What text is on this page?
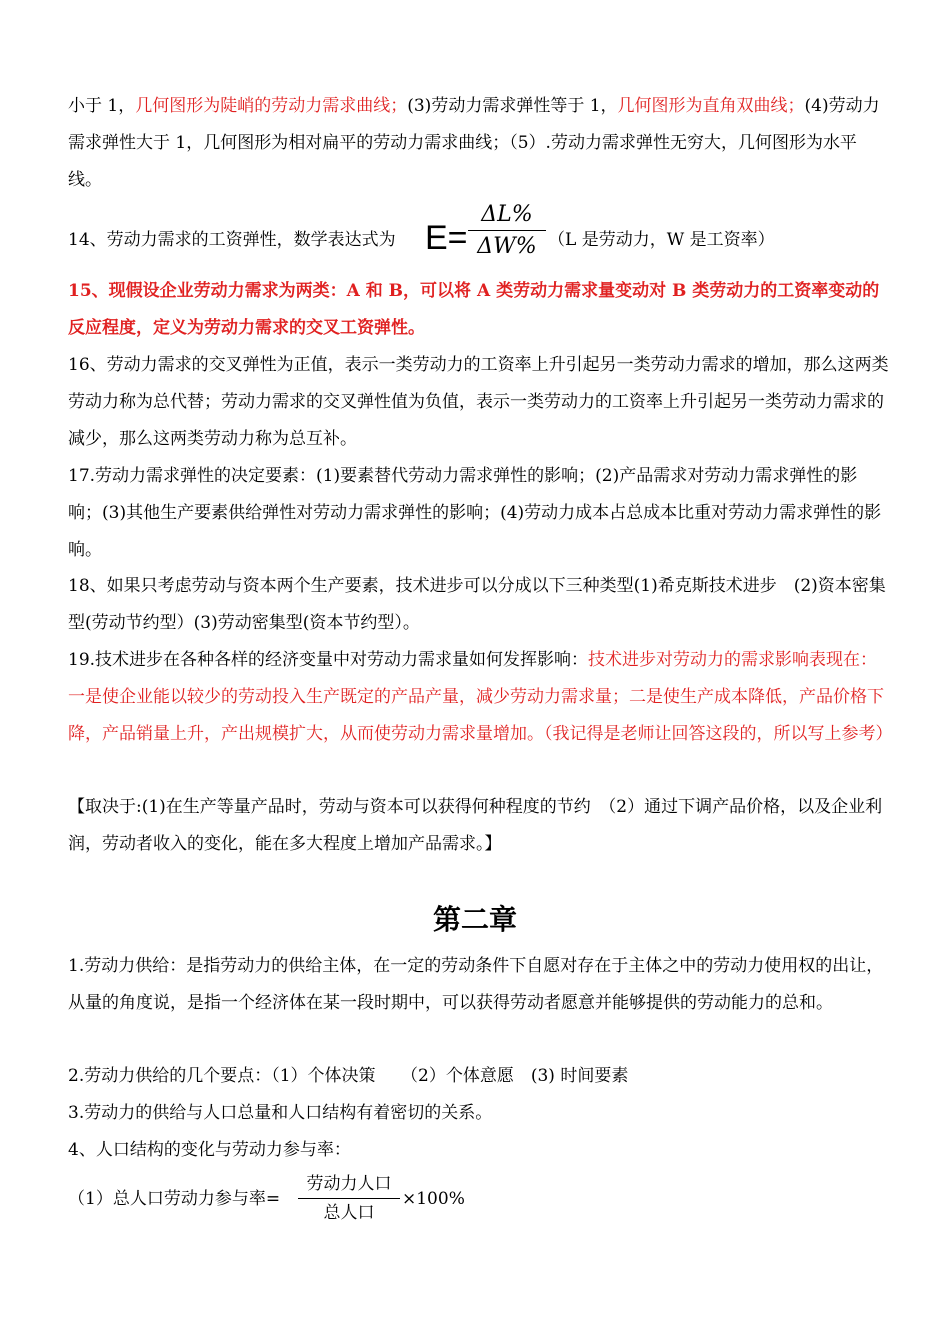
小于 1，几何图形为陡峭的劳动力需求曲线；(3)劳动力需求弹性等于 1，几何图形为直角双曲线；(4)劳动力需求弹性大于 1，几何图形为相对扁平的劳动力需求曲线；（5）.劳动力需求弹性无穷大，几何图形为水平线。

14、劳动力需求的工资弹性，数学表达式为 E=
ΔL%
ΔW% （L 是劳动力，W 是工资率）

15、现假设企业劳动力需求为两类：A 和 B，可以将 A 类劳动力需求量变动对 B 类劳动力的工资率变动的反应程度，定义为劳动力需求的交叉工资弹性。

16、劳动力需求的交叉弹性为正值，表示一类劳动力的工资率上升引起另一类劳动力需求的增加，那么这两类劳动力称为总代替；劳动力需求的交叉弹性值为负值，表示一类劳动力的工资率上升引起另一类劳动力需求的减少，那么这两类劳动力称为总互补。

17.劳动力需求弹性的决定要素：(1)要素替代劳动力需求弹性的影响；(2)产品需求对劳动力需求弹性的影响；(3)其他生产要素供给弹性对劳动力需求弹性的影响；(4)劳动力成本占总成本比重对劳动力需求弹性的影响。

18、如果只考虑劳动与资本两个生产要素，技术进步可以分成以下三种类型(1)希克斯技术进步　(2)资本密集型(劳动节约型）(3)劳动密集型(资本节约型）。

19.技术进步在各种各样的经济变量中对劳动力需求量如何发挥影响：技术进步对劳动力的需求影响表现在：一是使企业能以较少的劳动投入生产既定的产品产量，减少劳动力需求量；二是使生产成本降低，产品价格下降，产品销量上升，产出规模扩大，从而使劳动力需求量增加。（我记得是老师让回答这段的，所以写上参考）

【取决于:(1)在生产等量产品时，劳动与资本可以获得何种程度的节约　（2）通过下调产品价格，以及企业利润，劳动者收入的变化，能在多大程度上增加产品需求。】

第二章

1.劳动力供给：是指劳动力的供给主体，在一定的劳动条件下自愿对存在于主体之中的劳动力使用权的出让，从量的角度说，是指一个经济体在某一段时期中，可以获得劳动者愿意并能够提供的劳动能力的总和。

2.劳动力供给的几个要点：（1）个体决策　　（2）个体意愿　(3) 时间要素

3.劳动力的供给与人口总量和人口结构有着密切的关系。

4、人口结构的变化与劳动力参与率：

（1）总人口劳动力参与率=
劳动力人口
总人口
×100%
